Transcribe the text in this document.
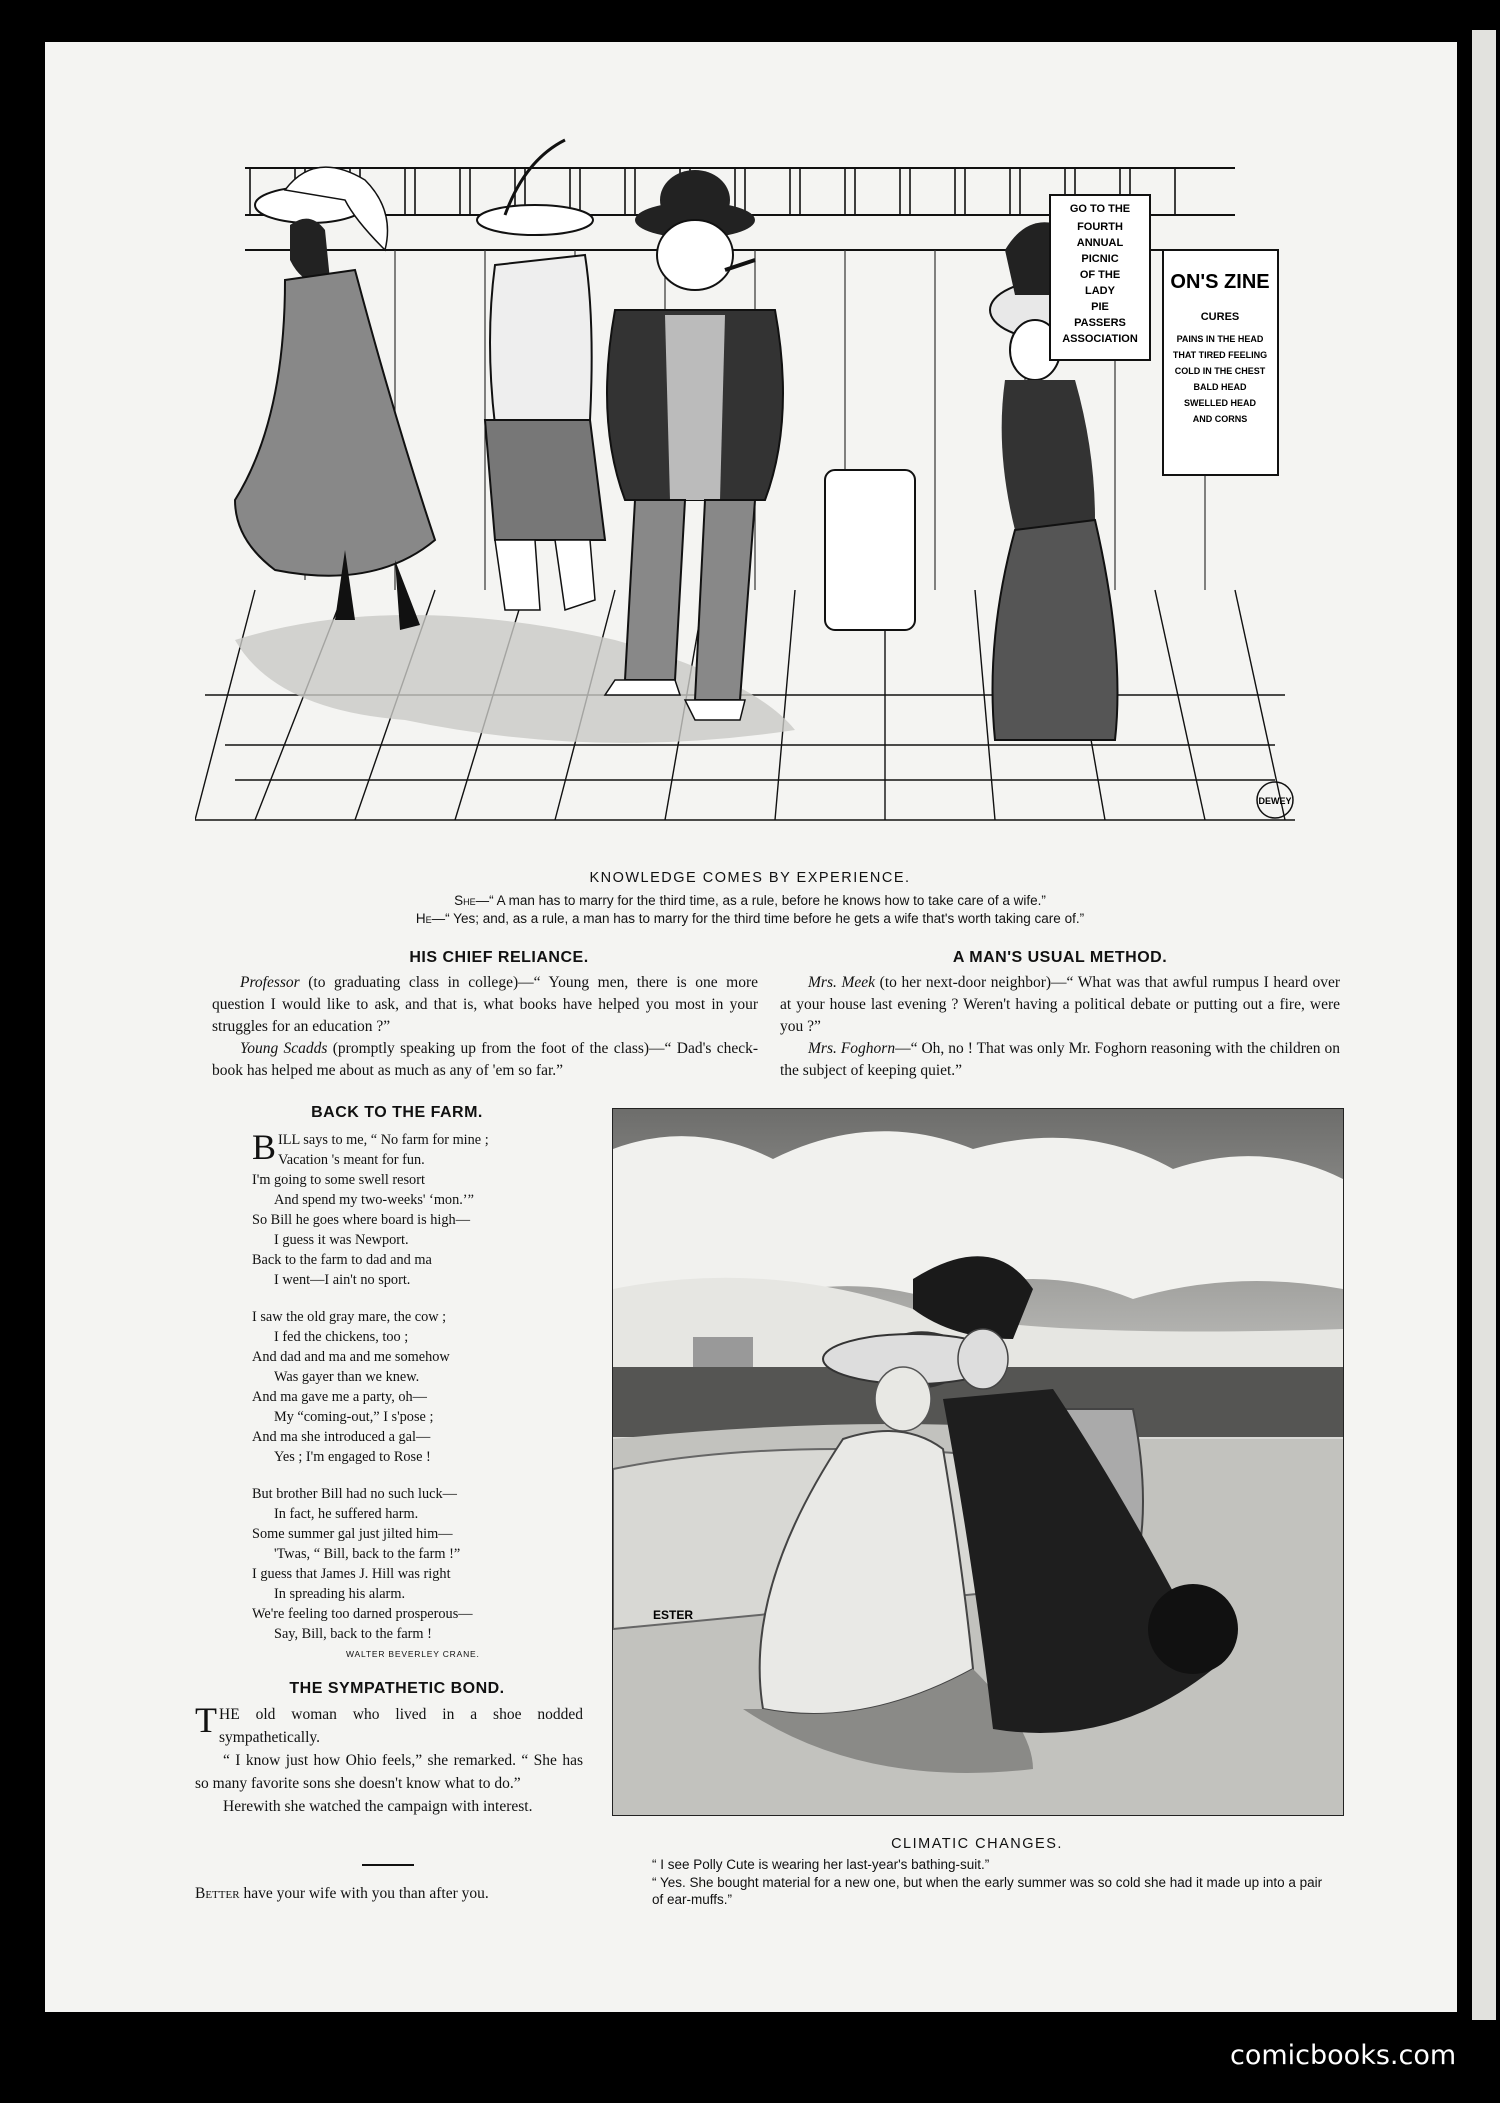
GO TO THE
FOURTH
ANNUAL
PICNIC
OF THE
LADY
PIE
PASSERS
ASSOCIATION
ON'S ZINE
CURES
PAINS IN THE HEAD
THAT TIRED FEELING
COLD IN THE CHEST
BALD HEAD
SWELLED HEAD
AND CORNS
DEWEY
KNOWLEDGE COMES BY EXPERIENCE.
She—“ A man has to marry for the third time, as a rule, before he knows how to take care of a wife.”
He—“ Yes; and, as a rule, a man has to marry for the third time before he gets a wife that's worth taking care of.”
HIS CHIEF RELIANCE.

Professor (to graduating class in college)—“ Young men, there is one more question I would like to ask, and that is, what books have helped you most in your struggles for an education ?”

Young Scadds (promptly speaking up from the foot of the class)—“ Dad's check-book has helped me about as much as any of 'em so far.”

A MAN'S USUAL METHOD.

Mrs. Meek (to her next-door neighbor)—“ What was that awful rumpus I heard over at your house last evening ? Weren't having a political debate or putting out a fire, were you ?”

Mrs. Foghorn—“ Oh, no ! That was only Mr. Foghorn reasoning with the children on the subject of keeping quiet.”

BACK TO THE FARM.
BILL says to me, “ No farm for mine ;
Vacation 's meant for fun.
I'm going to some swell resort
And spend my two-weeks' ‘mon.’”
So Bill he goes where board is high—
I guess it was Newport.
Back to the farm to dad and ma
I went—I ain't no sport.
I saw the old gray mare, the cow ;
I fed the chickens, too ;
And dad and ma and me somehow
Was gayer than we knew.
And ma gave me a party, oh—
My “coming-out,” I s'pose ;
And ma she introduced a gal—
Yes ; I'm engaged to Rose !
But brother Bill had no such luck—
In fact, he suffered harm.
Some summer gal just jilted him—
'Twas, “ Bill, back to the farm !”
I guess that James J. Hill was right
In spreading his alarm.
We're feeling too darned prosperous—
Say, Bill, back to the farm !
WALTER BEVERLEY CRANE.
THE SYMPATHETIC BOND.

THE old woman who lived in a shoe nodded sympathetically.

“ I know just how Ohio feels,” she remarked. “ She has so many favorite sons she doesn't know what to do.”

Herewith she watched the campaign with interest.

Better have your wife with you than after you.

ESTER
CLIMATIC CHANGES.
“ I see Polly Cute is wearing her last-year's bathing-suit.”
“ Yes. She bought material for a new one, but when the early summer was so cold she had it made up into a pair of ear-muffs.”
comicbooks.com
